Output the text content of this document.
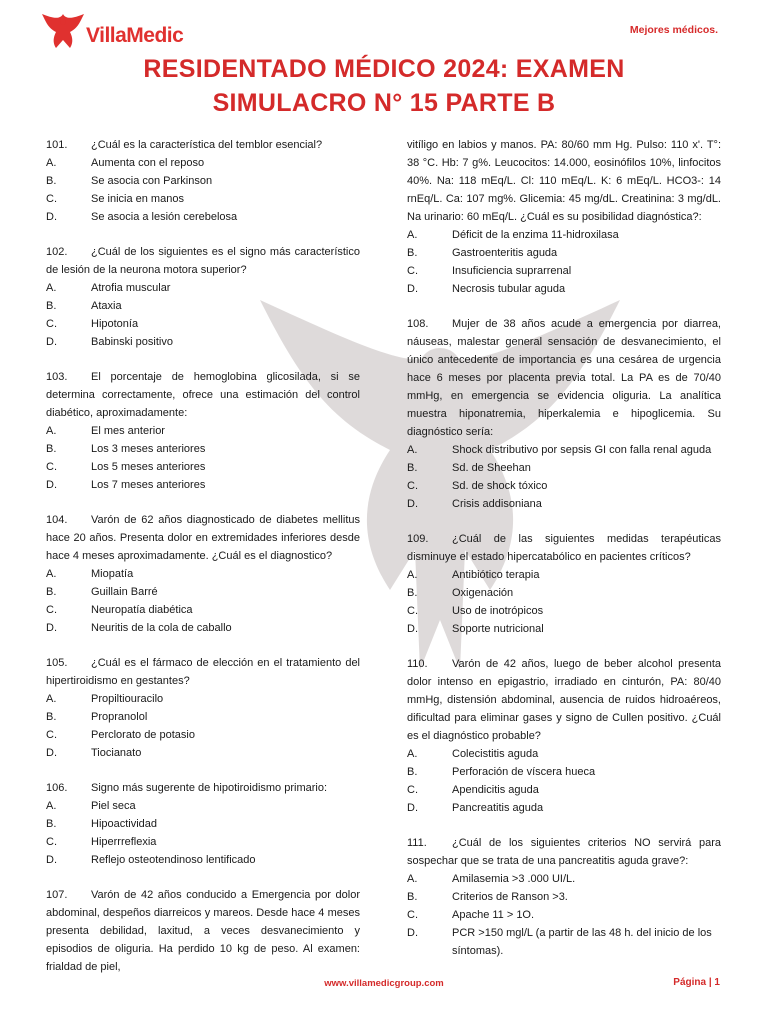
VillaMedic	Mejores médicos.
RESIDENTADO MÉDICO 2024: EXAMEN
SIMULACRO N° 15 PARTE B
101. ¿Cuál es la característica del temblor esencial?
A.	Aumenta con el reposo
B.	Se asocia con Parkinson
C.	Se inicia en manos
D.	Se asocia a lesión cerebelosa
102. ¿Cuál de los siguientes es el signo más característico de lesión de la neurona motora superior?
A.	Atrofia muscular
B.	Ataxia
C.	Hipotonía
D.	Babinski positivo
103. El porcentaje de hemoglobina glicosilada, si se determina correctamente, ofrece una estimación del control diabético, aproximadamente:
A.	El mes anterior
B.	Los 3 meses anteriores
C.	Los 5 meses anteriores
D.	Los 7 meses anteriores
104. Varón de 62 años diagnosticado de diabetes mellitus hace 20 años. Presenta dolor en extremidades inferiores desde hace 4 meses aproximadamente. ¿Cuál es el diagnostico?
A.	Miopatía
B.	Guillain Barré
C.	Neuropatía diabética
D.	Neuritis de la cola de caballo
105. ¿Cuál es el fármaco de elección en el tratamiento del hipertiroidismo en gestantes?
A.	Propiltiouracilo
B.	Propranolol
C.	Perclorato de potasio
D.	Tiocianato
106. Signo más sugerente de hipotiroidismo primario:
A.	Piel seca
B.	Hipoactividad
C.	Hiperrreflexia
D.	Reflejo osteotendinoso lentificado
107. Varón de 42 años conducido a Emergencia por dolor abdominal, despeños diarreicos y mareos. Desde hace 4 meses presenta debilidad, laxitud, a veces desvanecimiento y episodios de oliguria. Ha perdido 10 kg de peso. Al examen: frialdad de piel,
vitíligo en labios y manos. PA: 80/60 mm Hg. Pulso: 110 x'. T°: 38 °C. Hb: 7 g%. Leucocitos: 14.000, eosinófilos 10%, linfocitos 40%. Na: 118 mEq/L. Cl: 110 mEq/L. K: 6 mEq/L. HCO3-: 14 rnEq/L. Ca: 107 mg%. Glicemia: 45 mg/dL. Creatinina: 3 mg/dL. Na urinario: 60 mEq/L. ¿Cuál es su posibilidad diagnóstica?:
A.	Déficit de la enzima 11-hidroxilasa
B.	Gastroenteritis aguda
C.	Insuficiencia suprarrenal
D.	Necrosis tubular aguda
108. Mujer de 38 años acude a emergencia por diarrea, náuseas, malestar general sensación de desvanecimiento, el único antecedente de importancia es una cesárea de urgencia hace 6 meses por placenta previa total. La PA es de 70/40 mmHg, en emergencia se evidencia oliguria. La analítica muestra hiponatremia, hiperkalemia e hipoglicemia. Su diagnóstico sería:
A.	Shock distributivo por sepsis GI con falla renal aguda
B.	Sd. de Sheehan
C.	Sd. de shock tóxico
D.	Crisis addisoniana
109. ¿Cuál de las siguientes medidas terapéuticas disminuye el estado hipercatabólico en pacientes críticos?
A.	Antibiótico terapia
B.	Oxigenación
C.	Uso de inotrópicos
D.	Soporte nutricional
110. Varón de 42 años, luego de beber alcohol presenta dolor intenso en epigastrio, irradiado en cinturón, PA: 80/40 mmHg, distensión abdominal, ausencia de ruidos hidroaéreos, dificultad para eliminar gases y signo de Cullen positivo. ¿Cuál es el diagnóstico probable?
A.	Colecistitis aguda
B.	Perforación de víscera hueca
C.	Apendicitis aguda
D.	Pancreatitis aguda
111. ¿Cuál de los siguientes criterios NO servirá para sospechar que se trata de una pancreatitis aguda grave?:
A.	Amilasemia >3 .000 UI/L.
B.	Criterios de Ranson >3.
C.	Apache 11 > 1O.
D.	PCR >150 mgl/L (a partir de las 48 h. del inicio de los síntomas).
www.villamedicgroup.com	Página | 1
